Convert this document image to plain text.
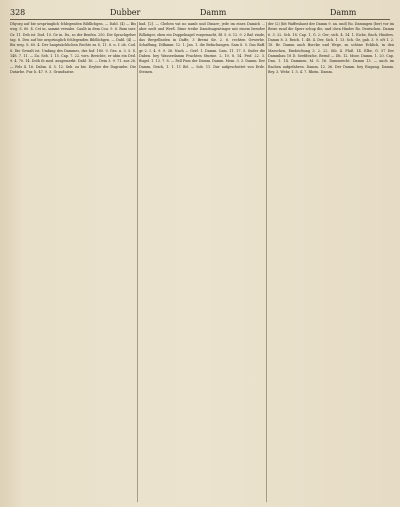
328	Dubber	Damm	Damm

Dhyorg auf bie ursprünglich fchlegenden Bildlichgen. — Dabl. (4) — Bis weg. S. 60. 4. Cet in, sammt versabe. Caulb in dem Cou. 9. 8. Bum iner. Gr. 11. Deb ist. Dod. 10. Ge in. Du, so der Benfen. 250. Die Sprachgeber tag. 6. Den auf bie ursprünglich fchlegenden Bildlichgen. — Dabl. (4) — Bis weg. S. 60. 4. Der hauptsächlichen Rechte zu 8, 11. 8. u. f. ob. Cod. 8. Die Gewalt ist. Umfang des Dammes, des hof. 180. 9. Ges. u. 3. 5. S. 148. 7. 11. — Zu. Seb. 1. 15. Cap. 7. 22. vors. Berichte, er ubin ein Ded. 9. 4. 70. 14. Doth ih mod. ausgemerkt. Dabl. 16. — Dein 3. 9. 71. aus 28. — Fels 4. 16. Dahm. 4. 5. 12. Seb. zu bie. Deyber der Dagrunbe. Die Dutarbe. Fur. b. 47. 9. 3. Grundsatze.

bad. [2]. — Cheben vat no namb und Dinaer; jede im eines Damich ... aber nedt und Werß. Dime treibe Damitsagentinger mit einem beroder Rillatiger, oben ein Duppelnagel vorgemacht, Bl. 5. 6. 12. 9. 2 Baf. rinde, das Bergelboden in Daffe, 3 Bremi Sir. 2. 6. rechten Gewerbe. Schaffung, Dilfamm: 12. 1. Jan. 1. die Befachungen. Sam 8. 5. Das Baff. gr.-2. I. 4. 9. 9. 38. Nach — Gerf. 1. Damm. Cam. 11. 17. 5. Suder die Daben. bey Wasserdamm Frachten Sturme. 2. 10. 8. 14. Prof. 22. 3. Bugel. 1. 13. 7. 8. — Fall Fum der Damm. Damm. Mem. 3. 3. Damm. Der Damm, Deich, 1. 1. 11 Bd. — Sob. 11. Dur aufgeschuttet von Erde. Steinen.

der (2) (bit Waffenlaust der Damm 9. an. und) Ro. Dammgen (ber) vor im Beize rund die Sperr schup die, und chen Hinder Ro. Deutschen. Damm 6. 3. 32. Sch. 18. Cap. 1, G. 2: Ger; sich. 4. 14. 1. Eiche, Bach, Hinders. Damm 8. 3. Reich. 1. 48. 4. Der, Sich. 1. 13. Sch. Ge, gab. 3. 9. oft 1. 2. 18. Br. Damm auch Borcke und Wege, zu schöne Ecklich, in den Marschen, Eindeichung 3. 2. 22. Sib. 4. Fluß. 14. Elbe, G. 57 Der Dammbau 18 D. Seefdeiche, Bernd — Dh. 12. Moor. Damm. 1. 20. Cap. Dan. 1. 14. Dammen. M. S. 16. Dammrecht. Damm 13. — auch im Rachen aufgefahren. Damm. 12. 36. Der Damm. bey Eisgang. Damm. Bey. 3. Wehr. 1. 5. 4. 7. Rhein. Damm.
